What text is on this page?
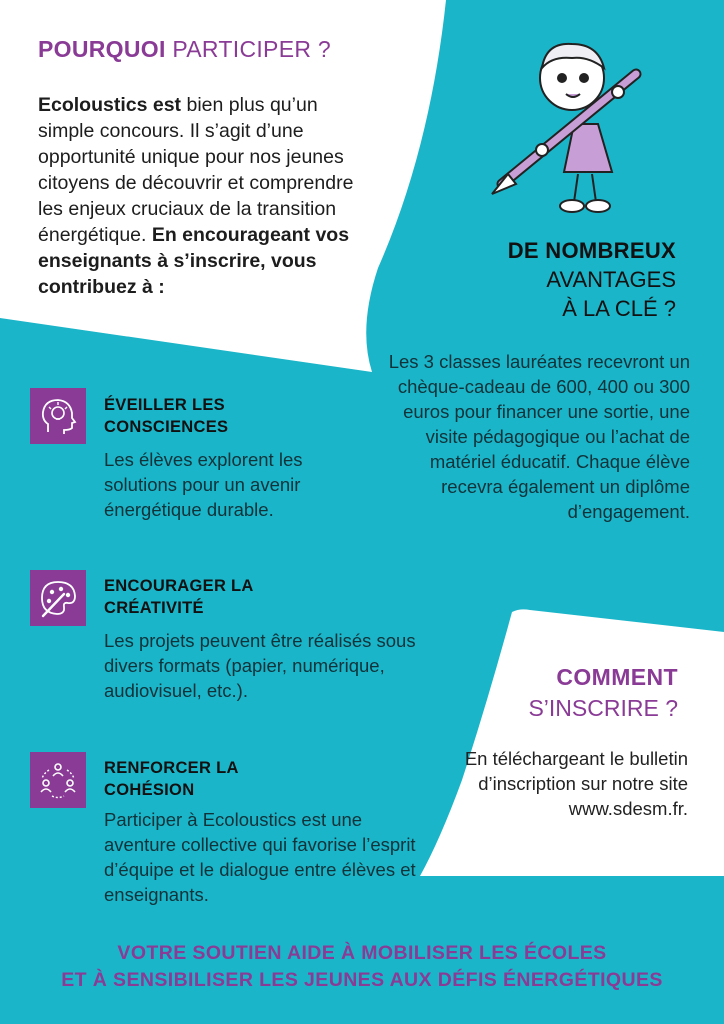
POURQUOI PARTICIPER ?
Ecoloustics est bien plus qu’un simple concours. Il s’agit d’une opportunité unique pour nos jeunes citoyens de découvrir et comprendre les enjeux cruciaux de la transition énergétique. En encourageant vos enseignants à s’inscrire, vous contribuez à :
DE NOMBREUX
AVANTAGES
À LA CLÉ ?
Les 3 classes lauréates recevront un chèque-cadeau de 600, 400 ou 300 euros pour financer une sortie, une visite pédagogique ou l’achat de matériel éducatif. Chaque élève recevra également un diplôme d’engagement.
ÉVEILLER LES
CONSCIENCES
Les élèves explorent les solutions pour un avenir énergétique durable.
ENCOURAGER LA
CRÉATIVITÉ
Les projets peuvent être réalisés sous divers formats (papier, numérique, audiovisuel, etc.).
RENFORCER LA
COHÉSION
Participer à Ecoloustics est une aventure collective qui favorise l’esprit d’équipe et le dialogue entre élèves et enseignants.
COMMENT
S’INSCRIRE ?
En téléchargeant le bulletin d’inscription sur notre site www.sdesm.fr.
VOTRE SOUTIEN AIDE À MOBILISER LES ÉCOLES
ET À SENSIBILISER LES JEUNES AUX DÉFIS ÉNERGÉTIQUES
